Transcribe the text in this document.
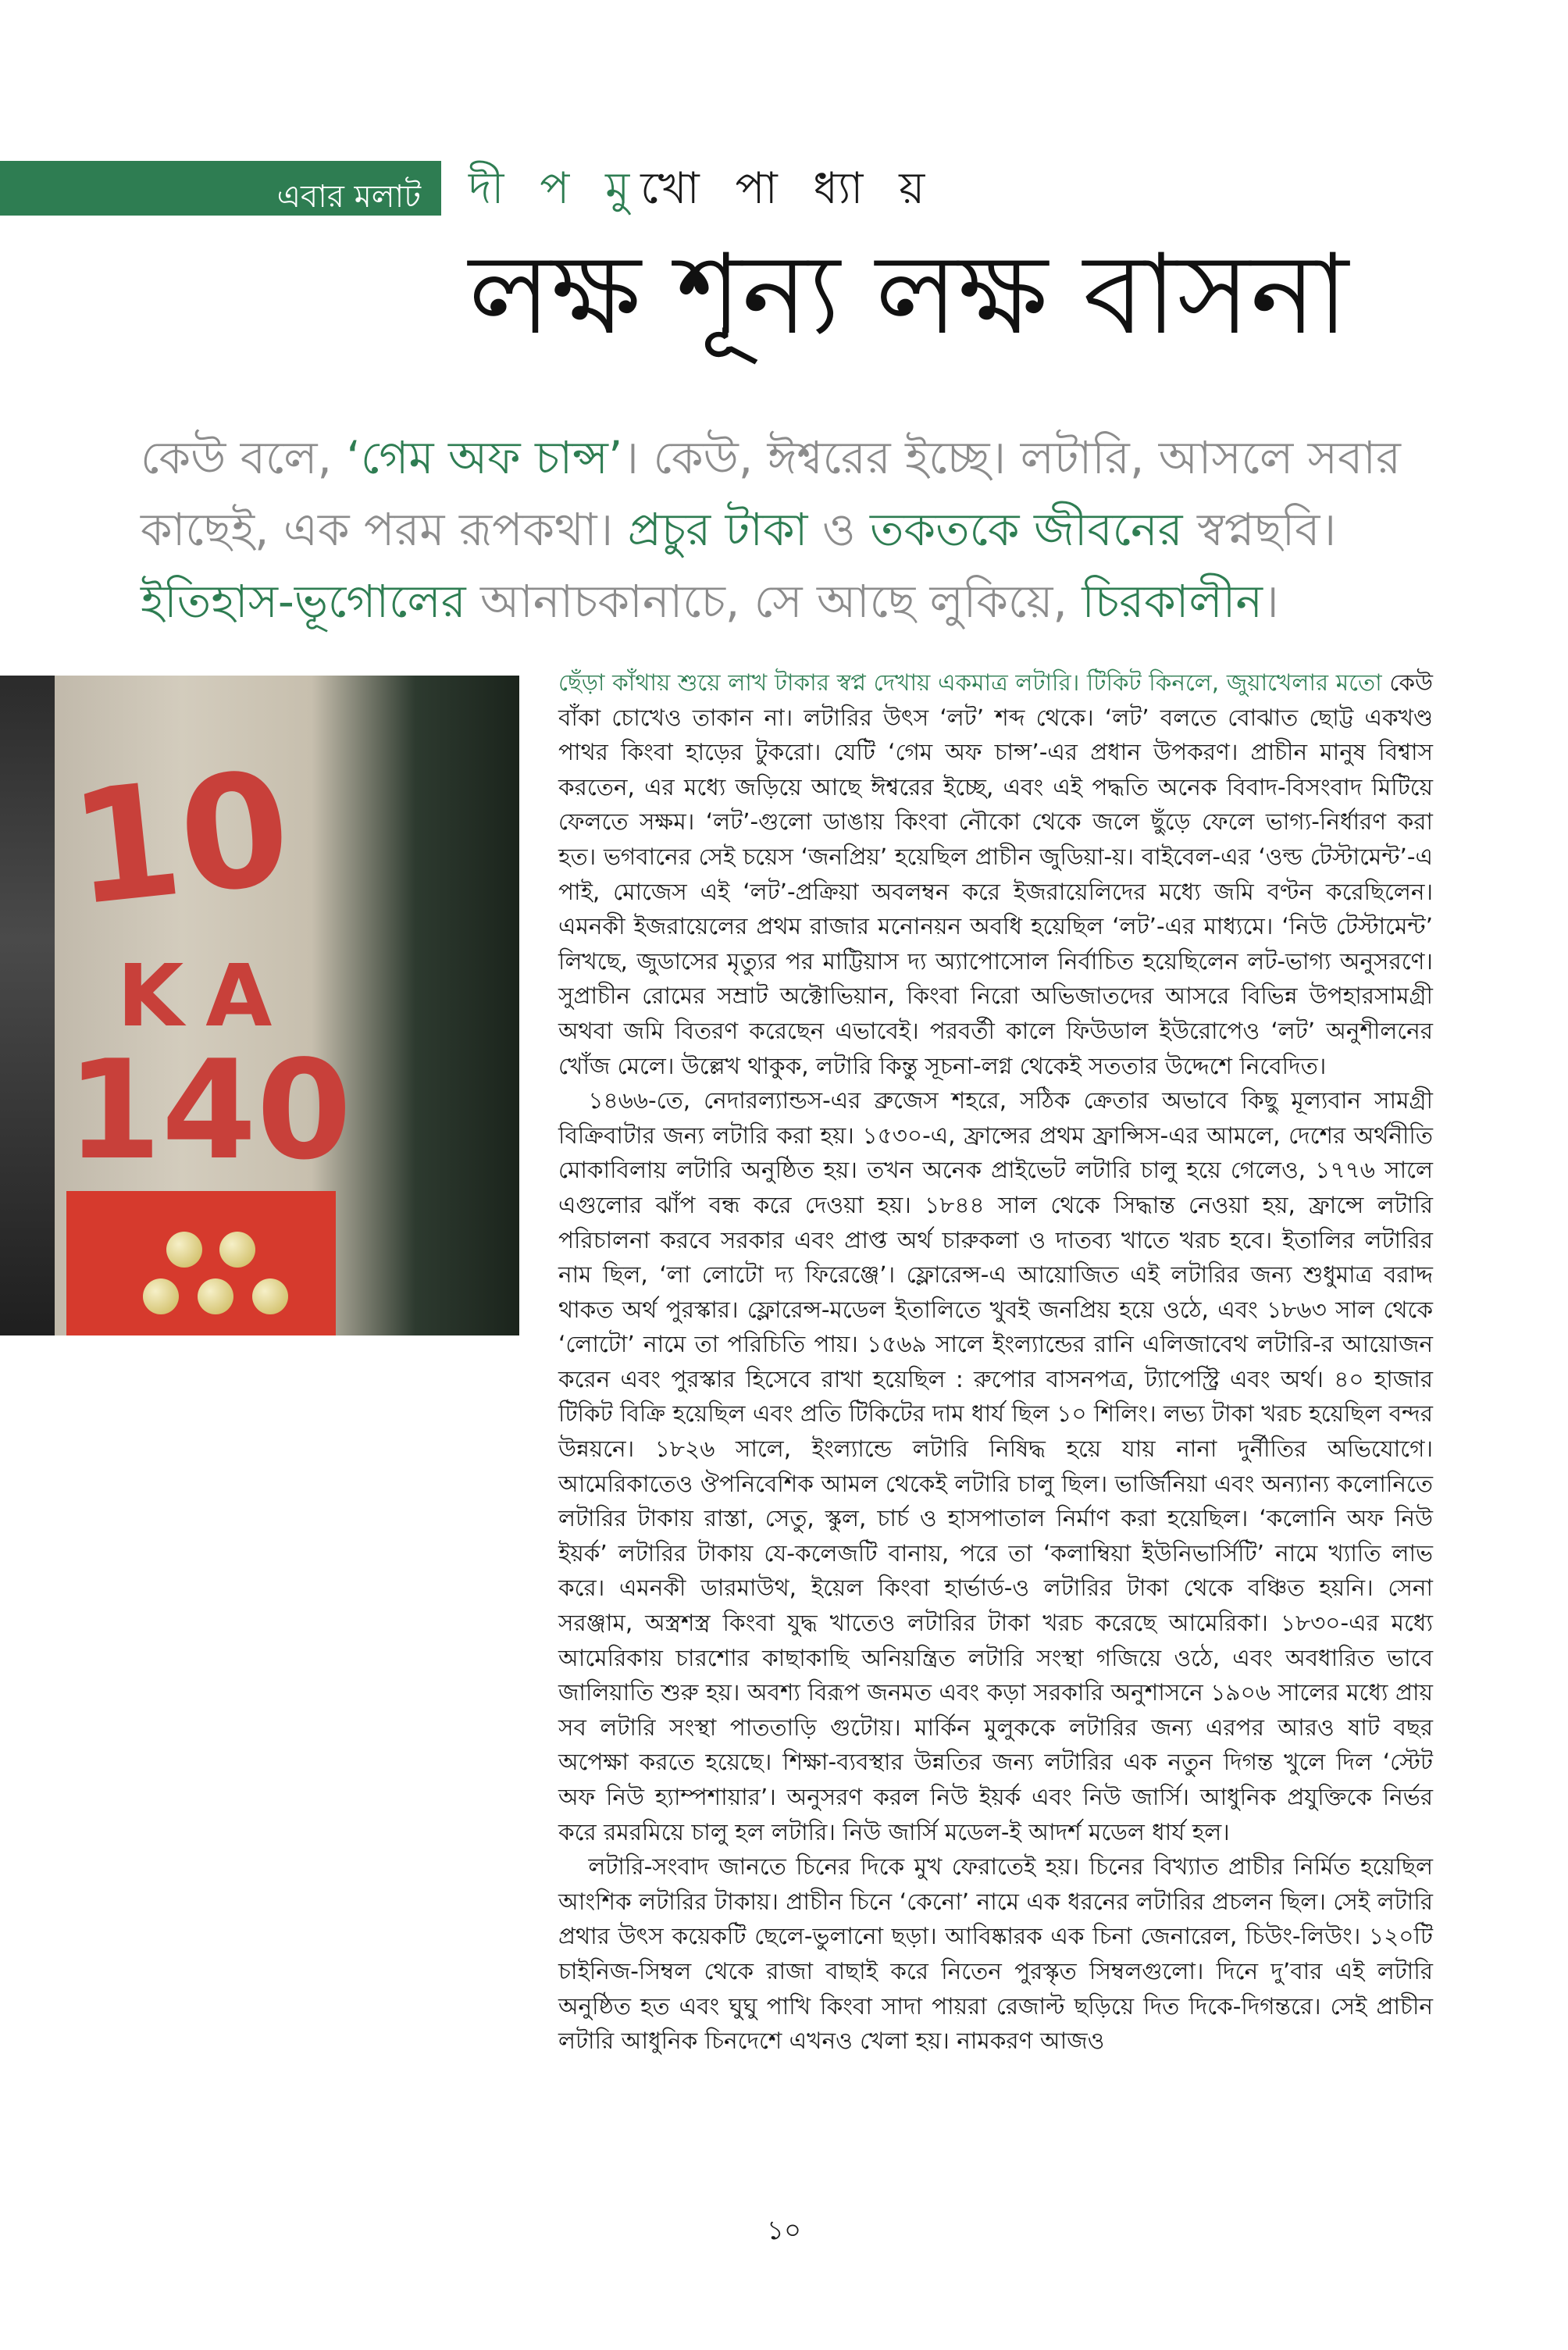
এবার মলাট দী প মুখো পা ধ্যা য়
লক্ষ শূন্য লক্ষ বাসনা
কেউ বলে, ‘গেম অফ চান্স’। কেউ, ঈশ্বরের ইচ্ছে। লটারি, আসলে সবার কাছেই, এক পরম রূপকথা। প্রচুর টাকা ও তকতকে জীবনের স্বপ্নছবি। ইতিহাস-ভূগোলের আনাচকানাচে, সে আছে লুকিয়ে, চিরকালীন।
10
KA
140

ছেঁড়া কাঁথায় শুয়ে লাখ টাকার স্বপ্ন দেখায় একমাত্র লটারি। টিকিট কিনলে, জুয়াখেলার মতো কেউ বাঁকা চোখেও তাকান না। লটারির উৎস ‘লট’ শব্দ থেকে। ‘লট’ বলতে বোঝাত ছোট্ট একখণ্ড পাথর কিংবা হাড়ের টুকরো। যেটি ‘গেম অফ চান্স’-এর প্রধান উপকরণ। প্রাচীন মানুষ বিশ্বাস করতেন, এর মধ্যে জড়িয়ে আছে ঈশ্বরের ইচ্ছে, এবং এই পদ্ধতি অনেক বিবাদ-বিসংবাদ মিটিয়ে ফেলতে সক্ষম। ‘লট’-গুলো ডাঙায় কিংবা নৌকো থেকে জলে ছুঁড়ে ফেলে ভাগ্য-নির্ধারণ করা হত। ভগবানের সেই চয়েস ‘জনপ্রিয়’ হয়েছিল প্রাচীন জুডিয়া-য়। বাইবেল-এর ‘ওল্ড টেস্টামেন্ট’-এ পাই, মোজেস এই ‘লট’-প্রক্রিয়া অবলম্বন করে ইজরায়েলিদের মধ্যে জমি বণ্টন করেছিলেন। এমনকী ইজরায়েলের প্রথম রাজার মনোনয়ন অবধি হয়েছিল ‘লট’-এর মাধ্যমে। ‘নিউ টেস্টামেন্ট’ লিখছে, জুডাসের মৃত্যুর পর মাট্টিয়াস দ্য অ্যাপোসোল নির্বাচিত হয়েছিলেন লট-ভাগ্য অনুসরণে। সুপ্রাচীন রোমের সম্রাট অক্টোভিয়ান, কিংবা নিরো অভিজাতদের আসরে বিভিন্ন উপহারসামগ্রী অথবা জমি বিতরণ করেছেন এভাবেই। পরবর্তী কালে ফিউডাল ইউরোপেও ‘লট’ অনুশীলনের খোঁজ মেলে। উল্লেখ থাকুক, লটারি কিন্তু সূচনা-লগ্ন থেকেই সততার উদ্দেশে নিবেদিত।

১৪৬৬-তে, নেদারল্যান্ডস-এর ব্রুজেস শহরে, সঠিক ক্রেতার অভাবে কিছু মূল্যবান সামগ্রী বিক্রিবাটার জন্য লটারি করা হয়। ১৫৩০-এ, ফ্রান্সের প্রথম ফ্রান্সিস-এর আমলে, দেশের অর্থনীতি মোকাবিলায় লটারি অনুষ্ঠিত হয়। তখন অনেক প্রাইভেট লটারি চালু হয়ে গেলেও, ১৭৭৬ সালে এগুলোর ঝাঁপ বন্ধ করে দেওয়া হয়। ১৮৪৪ সাল থেকে সিদ্ধান্ত নেওয়া হয়, ফ্রান্সে লটারি পরিচালনা করবে সরকার এবং প্রাপ্ত অর্থ চারুকলা ও দাতব্য খাতে খরচ হবে। ইতালির লটারির নাম ছিল, ‘লা লোটো দ্য ফিরেঞ্জে’। ফ্লোরেন্স-এ আয়োজিত এই লটারির জন্য শুধুমাত্র বরাদ্দ থাকত অর্থ পুরস্কার। ফ্লোরেন্স-মডেল ইতালিতে খুবই জনপ্রিয় হয়ে ওঠে, এবং ১৮৬৩ সাল থেকে ‘লোটো’ নামে তা পরিচিতি পায়। ১৫৬৯ সালে ইংল্যান্ডের রানি এলিজাবেথ লটারি-র আয়োজন করেন এবং পুরস্কার হিসেবে রাখা হয়েছিল : রুপোর বাসনপত্র, ট্যাপেস্ট্রি এবং অর্থ। ৪০ হাজার টিকিট বিক্রি হয়েছিল এবং প্রতি টিকিটের দাম ধার্য ছিল ১০ শিলিং। লভ্য টাকা খরচ হয়েছিল বন্দর উন্নয়নে। ১৮২৬ সালে, ইংল্যান্ডে লটারি নিষিদ্ধ হয়ে যায় নানা দুর্নীতির অভিযোগে। আমেরিকাতেও ঔপনিবেশিক আমল থেকেই লটারি চালু ছিল। ভার্জিনিয়া এবং অন্যান্য কলোনিতে লটারির টাকায় রাস্তা, সেতু, স্কুল, চার্চ ও হাসপাতাল নির্মাণ করা হয়েছিল। ‘কলোনি অফ নিউ ইয়র্ক’ লটারির টাকায় যে-কলেজটি বানায়, পরে তা ‘কলাম্বিয়া ইউনিভার্সিটি’ নামে খ্যাতি লাভ করে। এমনকী ডারমাউথ, ইয়েল কিংবা হার্ভার্ড-ও লটারির টাকা থেকে বঞ্চিত হয়নি। সেনা সরঞ্জাম, অস্ত্রশস্ত্র কিংবা যুদ্ধ খাতেও লটারির টাকা খরচ করেছে আমেরিকা। ১৮৩০-এর মধ্যে আমেরিকায় চারশোর কাছাকাছি অনিয়ন্ত্রিত লটারি সংস্থা গজিয়ে ওঠে, এবং অবধারিত ভাবে জালিয়াতি শুরু হয়। অবশ্য বিরূপ জনমত এবং কড়া সরকারি অনুশাসনে ১৯০৬ সালের মধ্যে প্রায় সব লটারি সংস্থা পাততাড়ি গুটোয়। মার্কিন মুলুককে লটারির জন্য এরপর আরও ষাট বছর অপেক্ষা করতে হয়েছে। শিক্ষা-ব্যবস্থার উন্নতির জন্য লটারির এক নতুন দিগন্ত খুলে দিল ‘স্টেট অফ নিউ হ্যাম্পশায়ার’। অনুসরণ করল নিউ ইয়র্ক এবং নিউ জার্সি। আধুনিক প্রযুক্তিকে নির্ভর করে রমরমিয়ে চালু হল লটারি। নিউ জার্সি মডেল-ই আদর্শ মডেল ধার্য হল।

লটারি-সংবাদ জানতে চিনের দিকে মুখ ফেরাতেই হয়। চিনের বিখ্যাত প্রাচীর নির্মিত হয়েছিল আংশিক লটারির টাকায়। প্রাচীন চিনে ‘কেনো’ নামে এক ধরনের লটারির প্রচলন ছিল। সেই লটারি প্রথার উৎস কয়েকটি ছেলে-ভুলানো ছড়া। আবিষ্কারক এক চিনা জেনারেল, চিউং-লিউং। ১২০টি চাইনিজ-সিম্বল থেকে রাজা বাছাই করে নিতেন পুরস্কৃত সিম্বলগুলো। দিনে দু’বার এই লটারি অনুষ্ঠিত হত এবং ঘুঘু পাখি কিংবা সাদা পায়রা রেজাল্ট ছড়িয়ে দিত দিকে-দিগন্তরে। সেই প্রাচীন লটারি আধুনিক চিনদেশে এখনও খেলা হয়। নামকরণ আজও

১০
